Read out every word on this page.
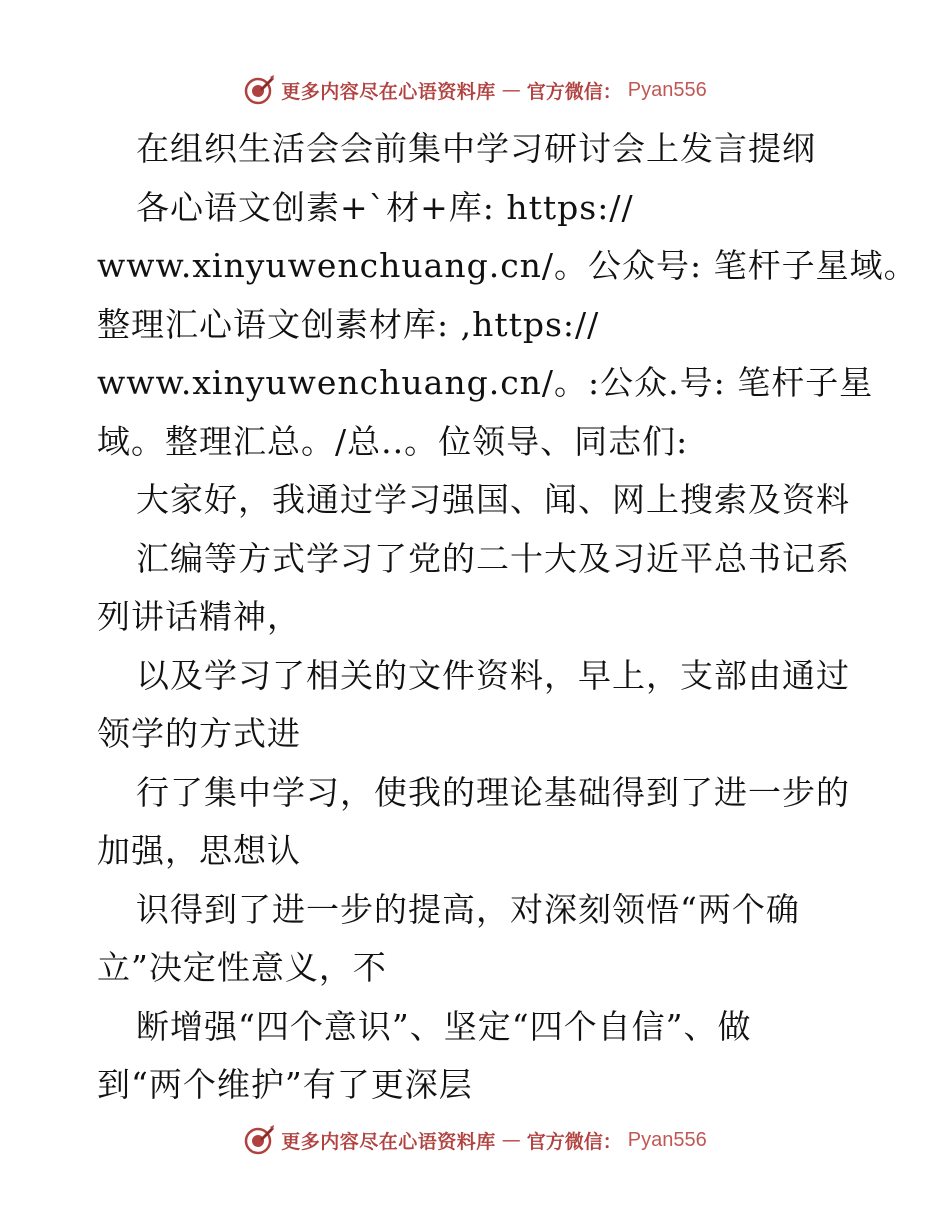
更多内容尽在心语资料库 — 官方微信： Pyan556
在组织生活会会前集中学习研讨会上发言提纲
各心语文创素+`材+库: https://
www.xinyuwenchuang.cn/。公众号: 笔杆子星域。
整理汇心语文创素材库: ,https://
www.xinyuwenchuang.cn/。:公众.号: 笔杆子星
域。整理汇总。/总..。位领导、同志们:
大家好，我通过学习强国、闻、网上搜索及资料
汇编等方式学习了党的二十大及习近平总书记系
列讲话精神，
以及学习了相关的文件资料，早上，支部由通过
领学的方式进
行了集中学习，使我的理论基础得到了进一步的
加强，思想认
识得到了进一步的提高，对深刻领悟“两个确
立”决定性意义，不
断增强“四个意识”、坚定“四个自信”、做
到“两个维护”有了更深层
更多内容尽在心语资料库 — 官方微信： Pyan556
